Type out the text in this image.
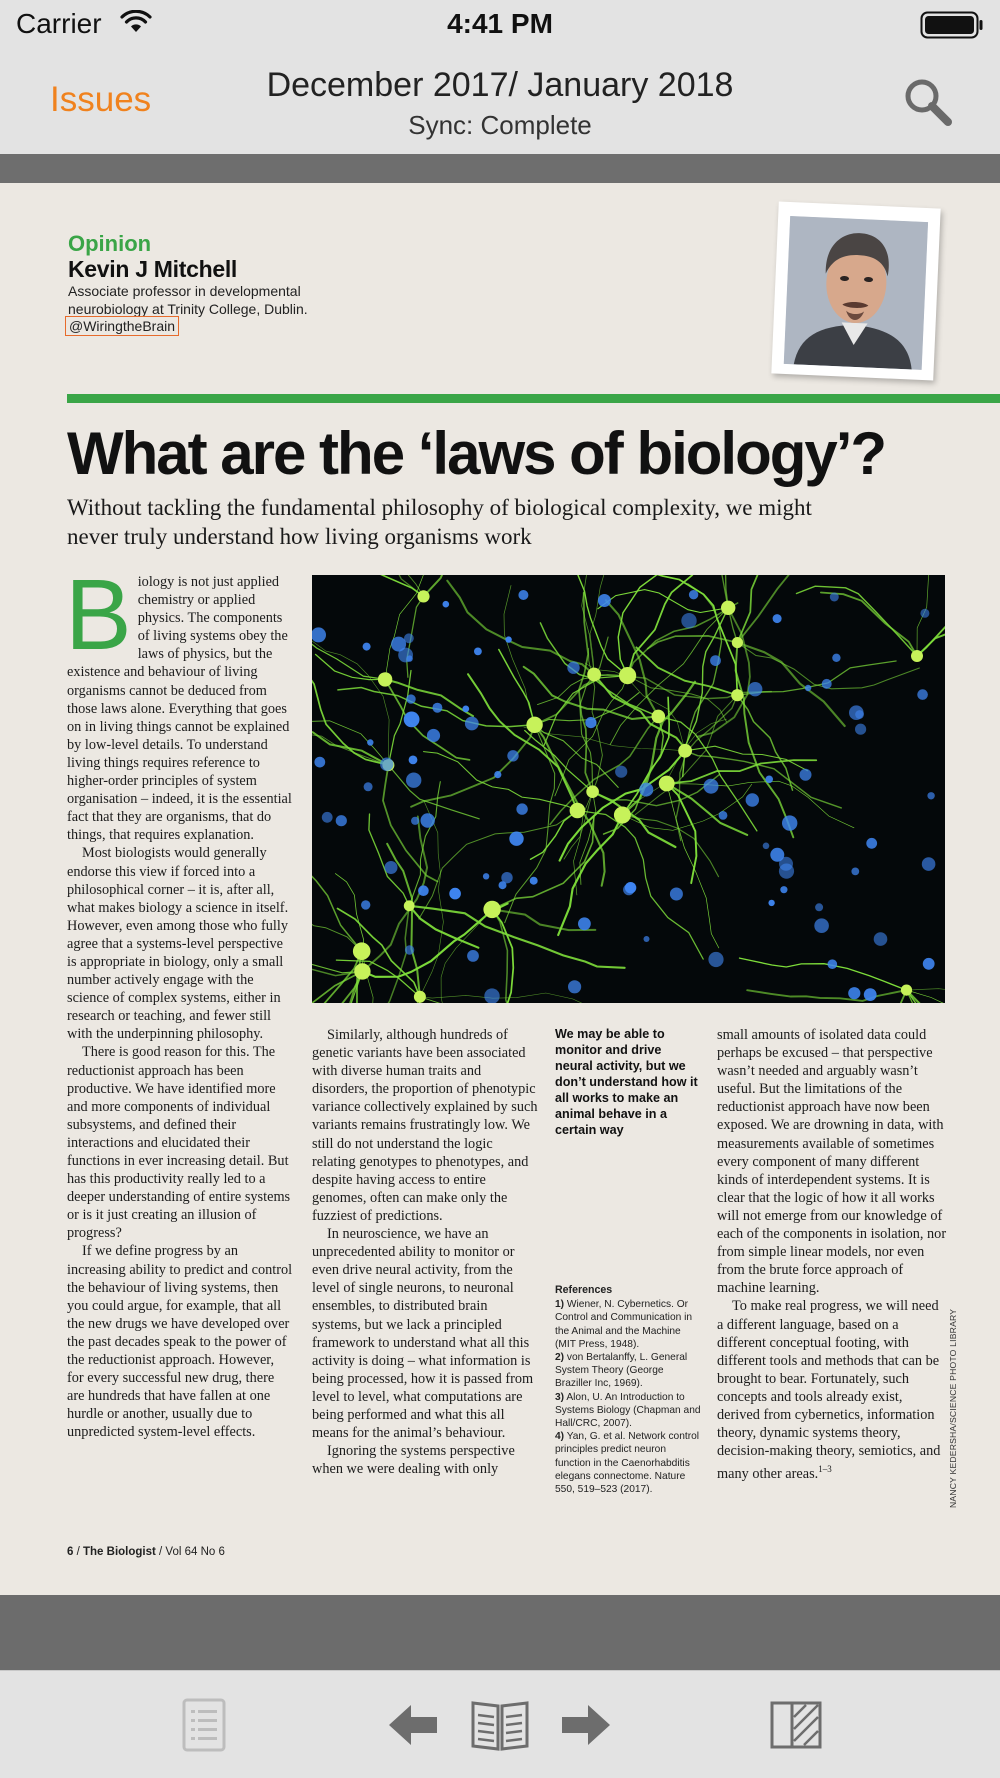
Carrier	4:41 PM
Issues	December 2017/ January 2018
Sync: Complete
Opinion
Kevin J Mitchell
Associate professor in developmental neurobiology at Trinity College, Dublin.
@WiringtheBrain
What are the ‘laws of biology’?
Without tackling the fundamental philosophy of biological complexity, we might never truly understand how living organisms work

Biology is not just applied chemistry or applied physics. The components of living systems obey the laws of physics, but the existence and behaviour of living organisms cannot be deduced from those laws alone. Everything that goes on in living things cannot be explained by low-level details. To understand living things requires reference to higher-order principles of system organisation – indeed, it is the essential fact that they are organisms, that do things, that requires explanation.

Most biologists would generally endorse this view if forced into a philosophical corner – it is, after all, what makes biology a science in itself. However, even among those who fully agree that a systems-level perspective is appropriate in biology, only a small number actively engage with the science of complex systems, either in research or teaching, and fewer still with the underpinning philosophy.

There is good reason for this. The reductionist approach has been productive. We have identified more and more components of individual subsystems, and defined their interactions and elucidated their functions in ever increasing detail. But has this productivity really led to a deeper understanding of entire systems or is it just creating an illusion of progress?

If we define progress by an increasing ability to predict and control the behaviour of living systems, then you could argue, for example, that all the new drugs we have developed over the past decades speak to the power of the reductionist approach. However, for every successful new drug, there are hundreds that have fallen at one hurdle or another, usually due to unpredicted system-level effects.

Similarly, although hundreds of genetic variants have been associated with diverse human traits and disorders, the proportion of phenotypic variance collectively explained by such variants remains frustratingly low. We still do not understand the logic relating genotypes to phenotypes, and despite having access to entire genomes, often can make only the fuzziest of predictions.

In neuroscience, we have an unprecedented ability to monitor or even drive neural activity, from the level of single neurons, to neuronal ensembles, to distributed brain systems, but we lack a principled framework to understand what all this activity is doing – what information is being processed, how it is passed from level to level, what computations are being performed and what this all means for the animal’s behaviour.

Ignoring the systems perspective when we were dealing with only

We may be able to monitor and drive neural activity, but we don’t understand how it all works to make an animal behave in a certain way
References
1) Wiener, N. Cybernetics. Or Control and Communication in the Animal and the Machine (MIT Press, 1948).
2) von Bertalanffy, L. General System Theory (George Braziller Inc, 1969).
3) Alon, U. An Introduction to Systems Biology (Chapman and Hall/CRC, 2007).
4) Yan, G. et al. Network control principles predict neuron function in the Caenorhabditis elegans connectome. Nature 550, 519–523 (2017).

small amounts of isolated data could perhaps be excused – that perspective wasn’t needed and arguably wasn’t useful. But the limitations of the reductionist approach have now been exposed. We are drowning in data, with measurements available of sometimes every component of many different kinds of interdependent systems. It is clear that the logic of how it all works will not emerge from our knowledge of each of the components in isolation, nor from simple linear models, nor even from the brute force approach of machine learning.

To make real progress, we will need a different language, based on a different conceptual footing, with different tools and methods that can be brought to bear. Fortunately, such concepts and tools already exist, derived from cybernetics, information theory, dynamic systems theory, decision-making theory, semiotics, and many other areas.$^{1-3}$	NANCY KEDERSHA/SCIENCE PHOTO LIBRARY
6 / The Biologist / Vol 64 No 6
